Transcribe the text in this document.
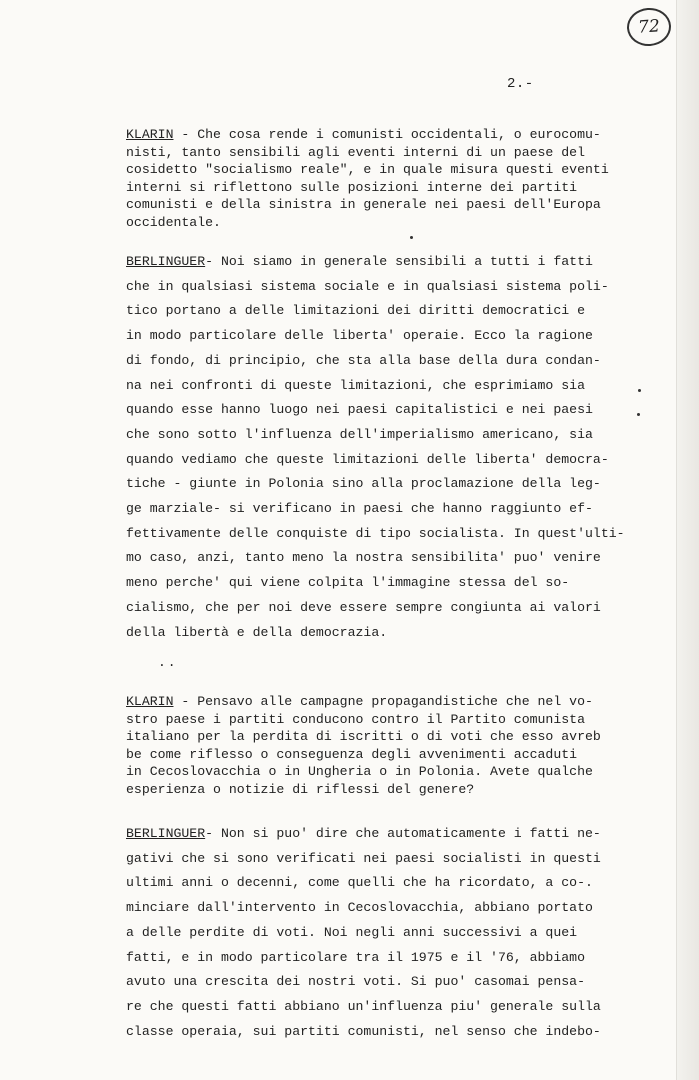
72
2.-

KLARIN - Che cosa rende i comunisti occidentali, o eurocomu-
nisti, tanto sensibili agli eventi interni di un paese del
cosidetto "socialismo reale", e in quale misura questi eventi
interni si riflettono sulle posizioni interne dei partiti
comunisti e della sinistra in generale nei paesi dell'Europa
occidentale.

BERLINGUER- Noi siamo in generale sensibili a tutti i fatti
che in qualsiasi sistema sociale e in qualsiasi sistema poli-
tico portano a delle limitazioni dei diritti democratici e
in modo particolare delle liberta' operaie. Ecco la ragione
di fondo, di principio, che sta alla base della dura condan-
na nei confronti di queste limitazioni, che esprimiamo sia
quando esse hanno luogo nei paesi capitalistici e nei paesi
che sono sotto l'influenza dell'imperialismo americano, sia
quando vediamo che queste limitazioni delle liberta' democra-
tiche - giunte in Polonia sino alla proclamazione della leg-
ge marziale- si verificano in paesi che hanno raggiunto ef-
fettivamente delle conquiste di tipo socialista. In quest'ulti-
mo caso, anzi, tanto meno la nostra sensibilita' puo' venire
meno perche' qui viene colpita l'immagine stessa del so-
cialismo, che per noi deve essere sempre congiunta ai valori
della libertà e della democrazia.

..

KLARIN - Pensavo alle campagne propagandistiche che nel vo-
stro paese i partiti conducono contro il Partito comunista
italiano per la perdita di iscritti o di voti che esso avreb
be come riflesso o conseguenza degli avvenimenti accaduti
in Cecoslovacchia o in Ungheria o in Polonia. Avete qualche
esperienza o notizie di riflessi del genere?

BERLINGUER- Non si puo' dire che automaticamente i fatti ne-
gativi che si sono verificati nei paesi socialisti in questi
ultimi anni o decenni, come quelli che ha ricordato, a co-.
minciare dall'intervento in Cecoslovacchia, abbiano portato
a delle perdite di voti. Noi negli anni successivi a quei
fatti, e in modo particolare tra il 1975 e il '76, abbiamo
avuto una crescita dei nostri voti. Si puo' casomai pensa-
re che questi fatti abbiano un'influenza piu' generale sulla
classe operaia, sui partiti comunisti, nel senso che indebo-
